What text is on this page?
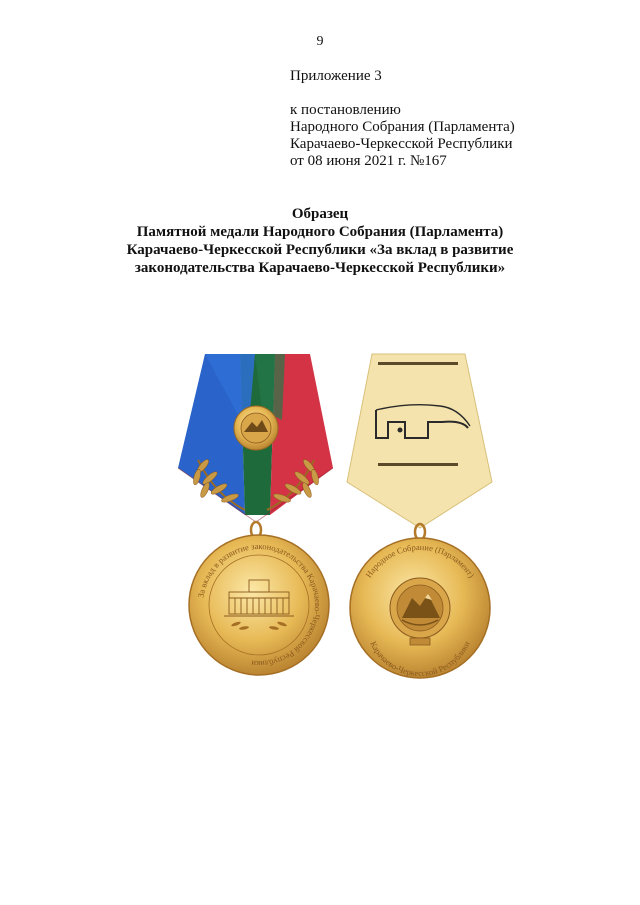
9
Приложение 3
к постановлению
Народного Собрания (Парламента)
Карачаево-Черкесской Республики
от 08 июня 2021 г. №167
Образец
Памятной медали Народного Собрания (Парламента)
Карачаево-Черкесской Республики «За вклад в развитие
законодательства Карачаево-Черкесской Республики»
За вклад в развитие законодательства Карачаево-Черкесской Республики
Народное Собрание (Парламент)
Карачаево-Черкесской Республики
